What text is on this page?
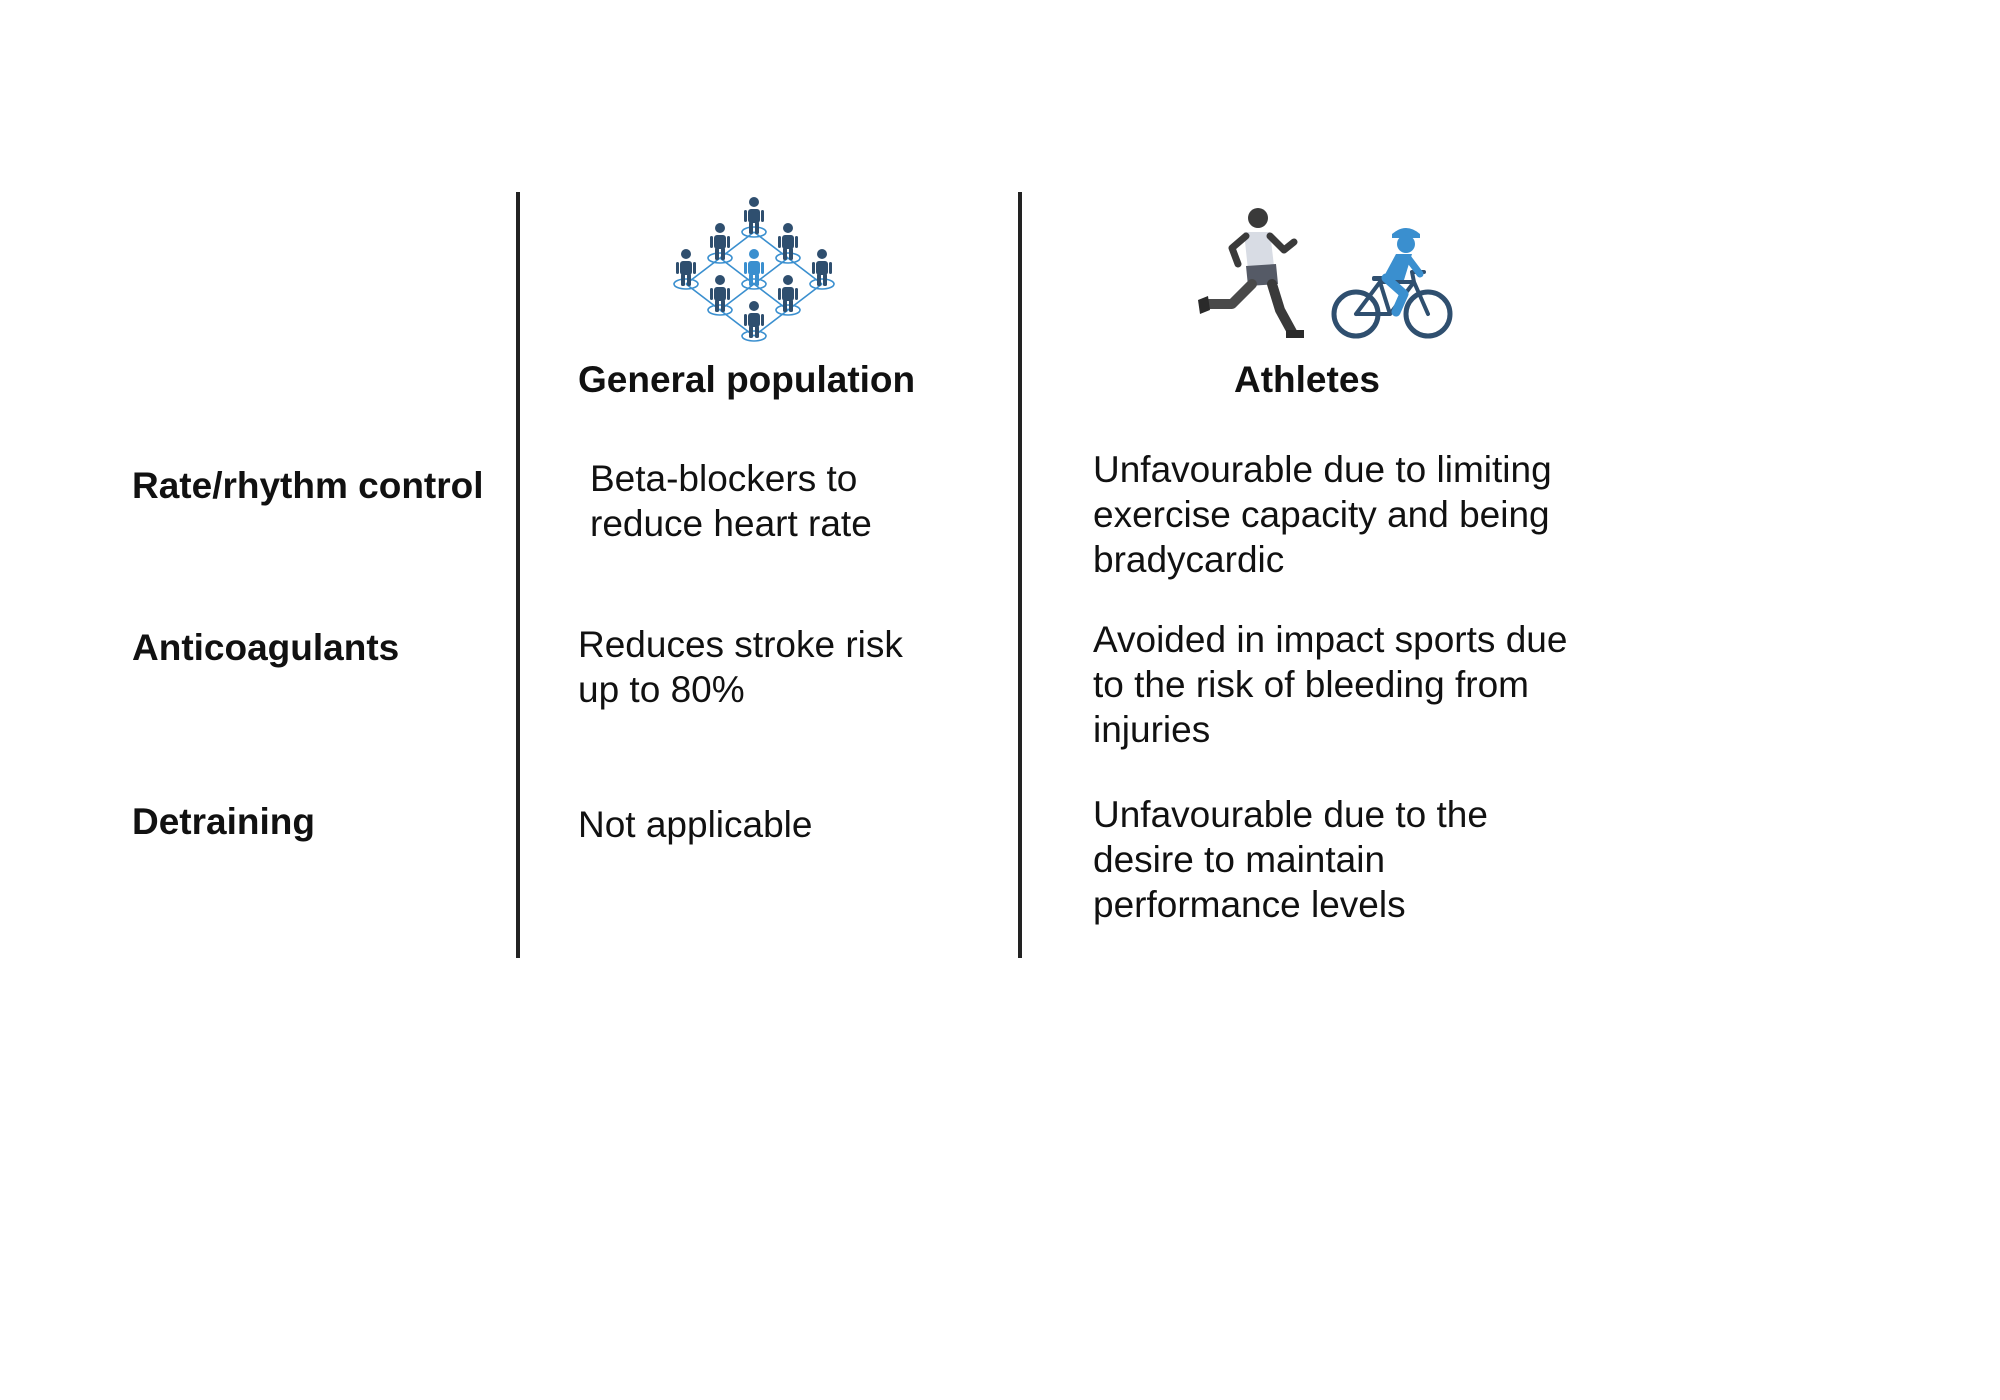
General population	Athletes
Rate/rhythm control
Anticoagulants
Detraining
Beta-blockers to
reduce heart rate
Reduces stroke risk
up to 80%
Not applicable
Unfavourable due to limiting
exercise capacity and being
bradycardic
Avoided in impact sports due
to the risk of bleeding from
injuries
Unfavourable due to the
desire to maintain
performance levels
